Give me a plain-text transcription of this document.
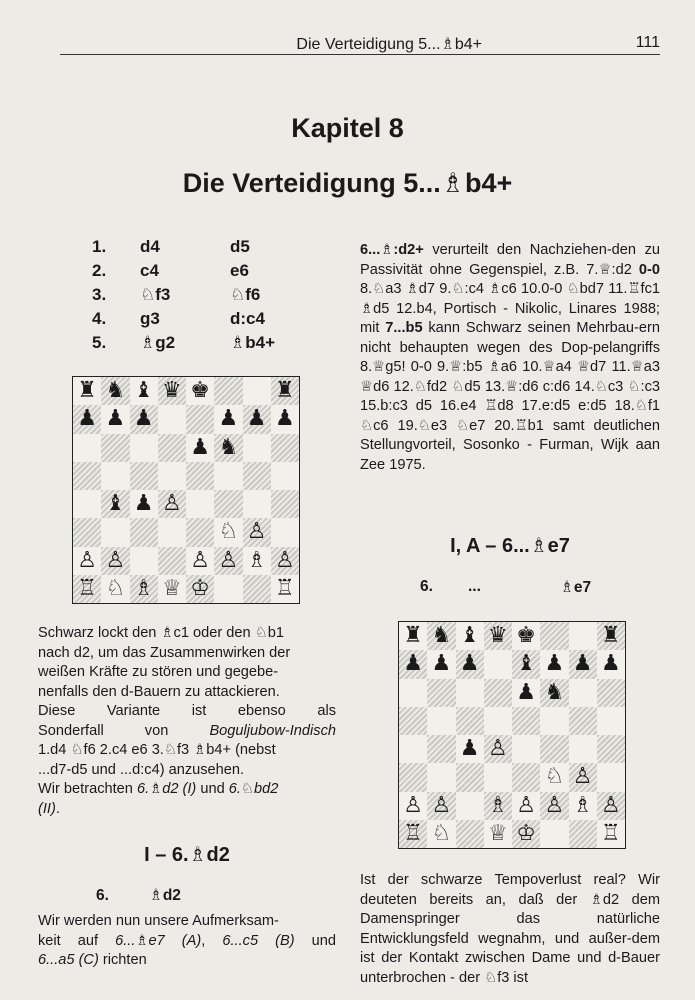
Die Verteidigung 5...♗b4+	111
Kapitel 8
Die Verteidigung 5...♗b4+
1.	d4	d5
2.	c4	e6
3.	♘f3	♘f6
4.	g3	d:c4
5.	♗g2	♗b4+
♜ ♞ ♝ ♛ ♚	♜
♟ ♟ ♟	♟ ♟ ♟
♟ ♞
♝ ♟ ♙
♘ ♙
♙ ♙	♙ ♙ ♗ ♙
♖ ♘ ♗ ♕ ♔	♖

Schwarz lockt den ♗c1 oder den ♘b1

nach d2, um das Zusammenwirken der

weißen Kräfte zu stören und gegebe-

nenfalls den d-Bauern zu attackieren.

Diese Variante ist ebenso als

Sonderfall von Boguljubow-Indisch

1.d4 ♘f6 2.c4 e6 3.♘f3 ♗b4+ (nebst

...d7-d5 und ...d:c4) anzusehen.

Wir betrachten 6.♗d2 (I) und 6.♘bd2

(II).

I – 6.♗d2
6.	♗d2

Wir werden nun unsere Aufmerksam-

keit auf 6...♗e7 (A), 6...c5 (B) und

6...a5 (C) richten

6...♗:d2+ verurteilt den Nachziehen-den zu Passivität ohne Gegenspiel, z.B. 7.♕:d2 0-0 8.♘a3 ♗d7 9.♘:c4 ♗c6 10.0-0 ♘bd7 11.♖fc1 ♗d5 12.b4, Portisch - Nikolic, Linares 1988; mit 7...b5 kann Schwarz seinen Mehrbau-ern nicht behaupten wegen des Dop-pelangriffs 8.♕g5! 0-0 9.♕:b5 ♗a6 10.♕a4 ♕d7 11.♕a3 ♕d6 12.♘fd2 ♘d5 13.♕:d6 c:d6 14.♘c3 ♘:c3 15.b:c3 d5 16.e4 ♖d8 17.e:d5 e:d5 18.♘f1 ♘c6 19.♘e3 ♘e7 20.♖b1 samt deutlichen Stellungvorteil, Sosonko - Furman, Wijk aan Zee 1975.

I, A – 6...♗e7
6. ...	♗e7
♜ ♞ ♝ ♛ ♚	♜
♟ ♟ ♟ ♝ ♟ ♟ ♟
♟ ♞
♟ ♙
♘ ♙
♙ ♙ ♗ ♙ ♙ ♗ ♙
♖ ♘ ♕ ♔	♖

Ist der schwarze Tempoverlust real? Wir deuteten bereits an, daß der ♗d2 dem Damenspringer das natürliche Entwicklungsfeld wegnahm, und außer-dem ist der Kontakt zwischen Dame und d-Bauer unterbrochen - der ♘f3 ist
